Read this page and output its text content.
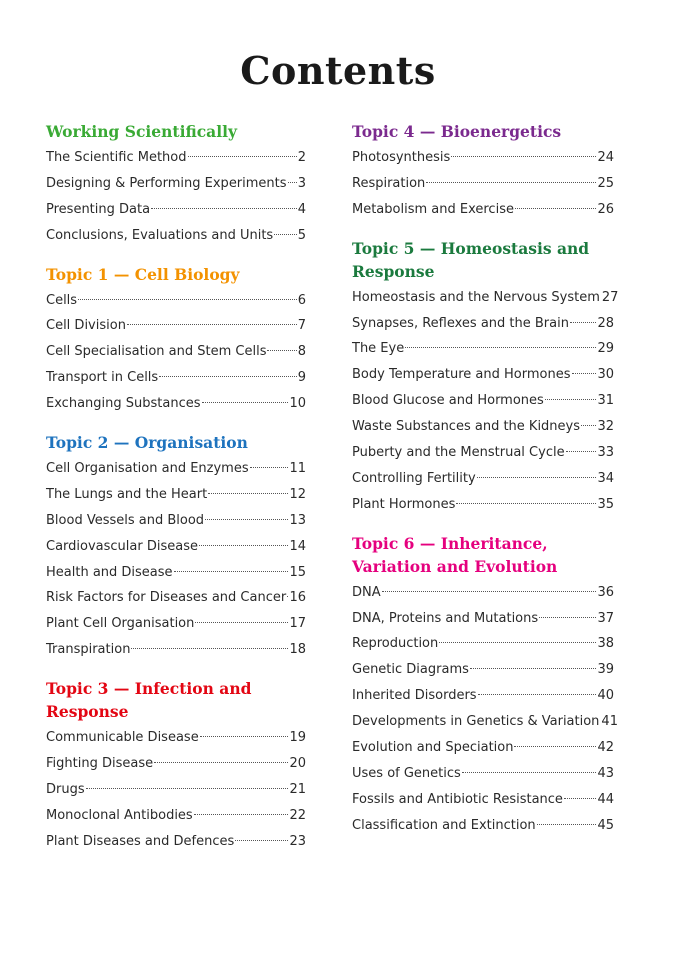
Contents
Working Scientifically
The Scientific Method	2
Designing & Performing Experiments 3
Presenting Data	4
Conclusions, Evaluations and Units 5
Topic 1 — Cell Biology
Cells	6
Cell Division	7
Cell Specialisation and Stem Cells 8
Transport in Cells	9
Exchanging Substances	10
Topic 2 — Organisation
Cell Organisation and Enzymes	11
The Lungs and the Heart	12
Blood Vessels and Blood	13
Cardiovascular Disease	14
Health and Disease	15
Risk Factors for Diseases and Cancer 16
Plant Cell Organisation	17
Transpiration	18
Topic 3 — Infection and Response
Communicable Disease	19
Fighting Disease	20
Drugs	21
Monoclonal Antibodies	22
Plant Diseases and Defences	23
Topic 4 — Bioenergetics
Photosynthesis	24
Respiration	25
Metabolism and Exercise	26
Topic 5 — Homeostasis and Response
Homeostasis and the Nervous System 27
Synapses, Reflexes and the Brain 28
The Eye	29
Body Temperature and Hormones 30
Blood Glucose and Hormones	31
Waste Substances and the Kidneys 32
Puberty and the Menstrual Cycle	33
Controlling Fertility	34
Plant Hormones	35
Topic 6 — Inheritance, Variation and Evolution
DNA	36
DNA, Proteins and Mutations	37
Reproduction	38
Genetic Diagrams	39
Inherited Disorders	40
Developments in Genetics & Variation 41
Evolution and Speciation	42
Uses of Genetics	43
Fossils and Antibiotic Resistance	44
Classification and Extinction	45
